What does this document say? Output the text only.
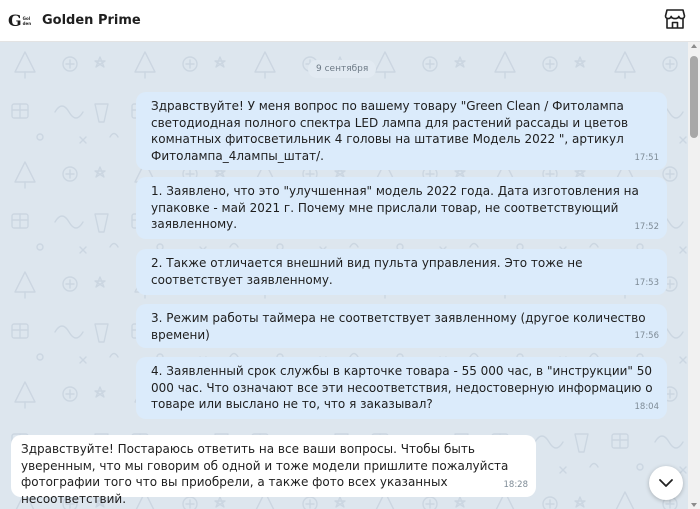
G Gol
den Golden Prime
9 сентября
Здравствуйте! У меня вопрос по вашему товару "Green Clean / Фитолампа светодиодная полного спектра LED лампа для растений рассады и цветов комнатных фитосветильник 4 головы на штативе Модель 2022 ", артикул Фитолампа_4лампы_штат/.	17:51
1. Заявлено, что это "улучшенная" модель 2022 года. Дата изготовления на упаковке - май 2021 г. Почему мне прислали товар, не соответствующий заявленному.	17:52
2. Также отличается внешний вид пульта управления. Это тоже не соответствует заявленному.	17:53
3. Режим работы таймера не соответствует заявленному (другое количество времени)	17:56
4. Заявленный срок службы в карточке товара - 55 000 час, в "инструкции" 50 000 час. Что означают все эти несоответствия, недостоверную информацию о товаре или выслано не то, что я заказывал?	18:04
Здравствуйте! Постараюсь ответить на все ваши вопросы. Чтобы быть уверенным, что мы говорим об одной и тоже модели пришлите пожалуйста фотографии того что вы приобрели, а также фото всех указанных несоответствий.
18:28
